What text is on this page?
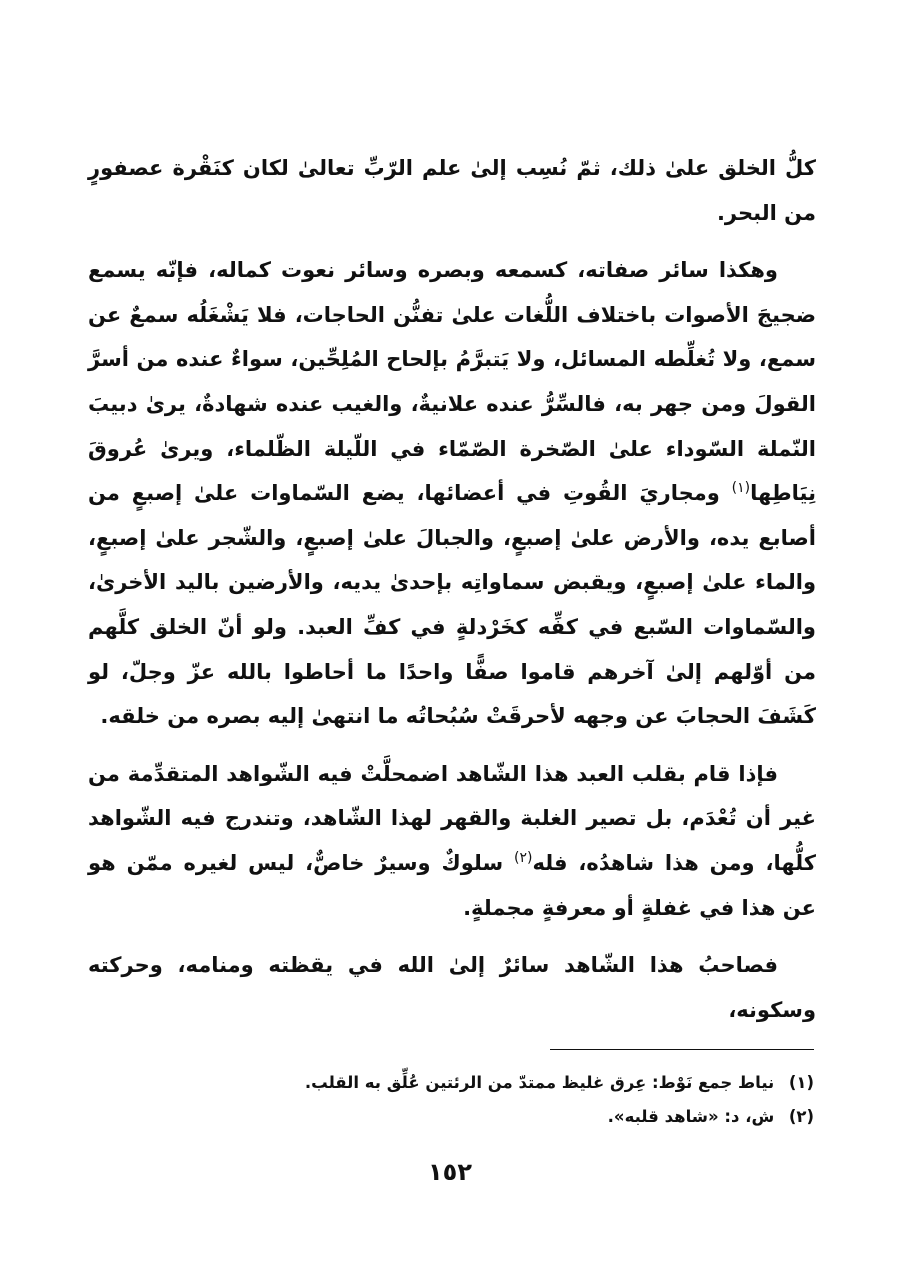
كلُّ الخلق علىٰ ذلك، ثمّ نُسِب إلىٰ علم الرّبِّ تعالىٰ لكان كنَقْرة عصفورٍ من البحر.

وهكذا سائر صفاته، كسمعه وبصره وسائر نعوت كماله، فإنّه يسمع ضجيجَ الأصوات باختلاف اللُّغات علىٰ تفنُّن الحاجات، فلا يَشْغَلُه سمعٌ عن سمع، ولا تُغلِّطه المسائل، ولا يَتبرَّمُ بإلحاح المُلِحِّين، سواءٌ عنده من أسرَّ القولَ ومن جهر به، فالسِّرُّ عنده علانيةٌ، والغيب عنده شهادةٌ، يرىٰ دبيبَ النّملة السّوداء علىٰ الصّخرة الصّمّاء في اللّيلة الظّلماء، ويرىٰ عُروقَ نِيَاطِها$^{(١)}$ ومجاريَ القُوتِ في أعضائها، يضع السّماوات علىٰ إصبعٍ من أصابع يده، والأرض علىٰ إصبعٍ، والجبالَ علىٰ إصبعٍ، والشّجر علىٰ إصبعٍ، والماء علىٰ إصبعٍ، ويقبض سماواتِه بإحدىٰ يديه، والأرضين باليد الأخرىٰ، والسّماوات السّبع في كفِّه كخَرْدلةٍ في كفِّ العبد. ولو أنّ الخلق كلَّهم من أوّلهم إلىٰ آخرهم قاموا صفًّا واحدًا ما أحاطوا بالله عزّ وجلّ، لو كَشَفَ الحجابَ عن وجهه لأحرقَتْ سُبُحاتُه ما انتهىٰ إليه بصره من خلقه.

فإذا قام بقلب العبد هذا الشّاهد اضمحلَّتْ فيه الشّواهد المتقدِّمة من غير أن تُعْدَم، بل تصير الغلبة والقهر لهذا الشّاهد، وتندرج فيه الشّواهد كلُّها، ومن هذا شاهدُه، فله$^{(٢)}$ سلوكٌ وسيرٌ خاصٌّ، ليس لغيره ممّن هو عن هذا في غفلةٍ أو معرفةٍ مجملةٍ.

فصاحبُ هذا الشّاهد سائرٌ إلىٰ الله في يقظته ومنامه، وحركته وسكونه،

(١) نياط جمع نَوْط: عِرق غليظ ممتدّ من الرئتين عُلِّق به القلب.

(٢) ش، د: «شاهد قلبه».

١٥٢
